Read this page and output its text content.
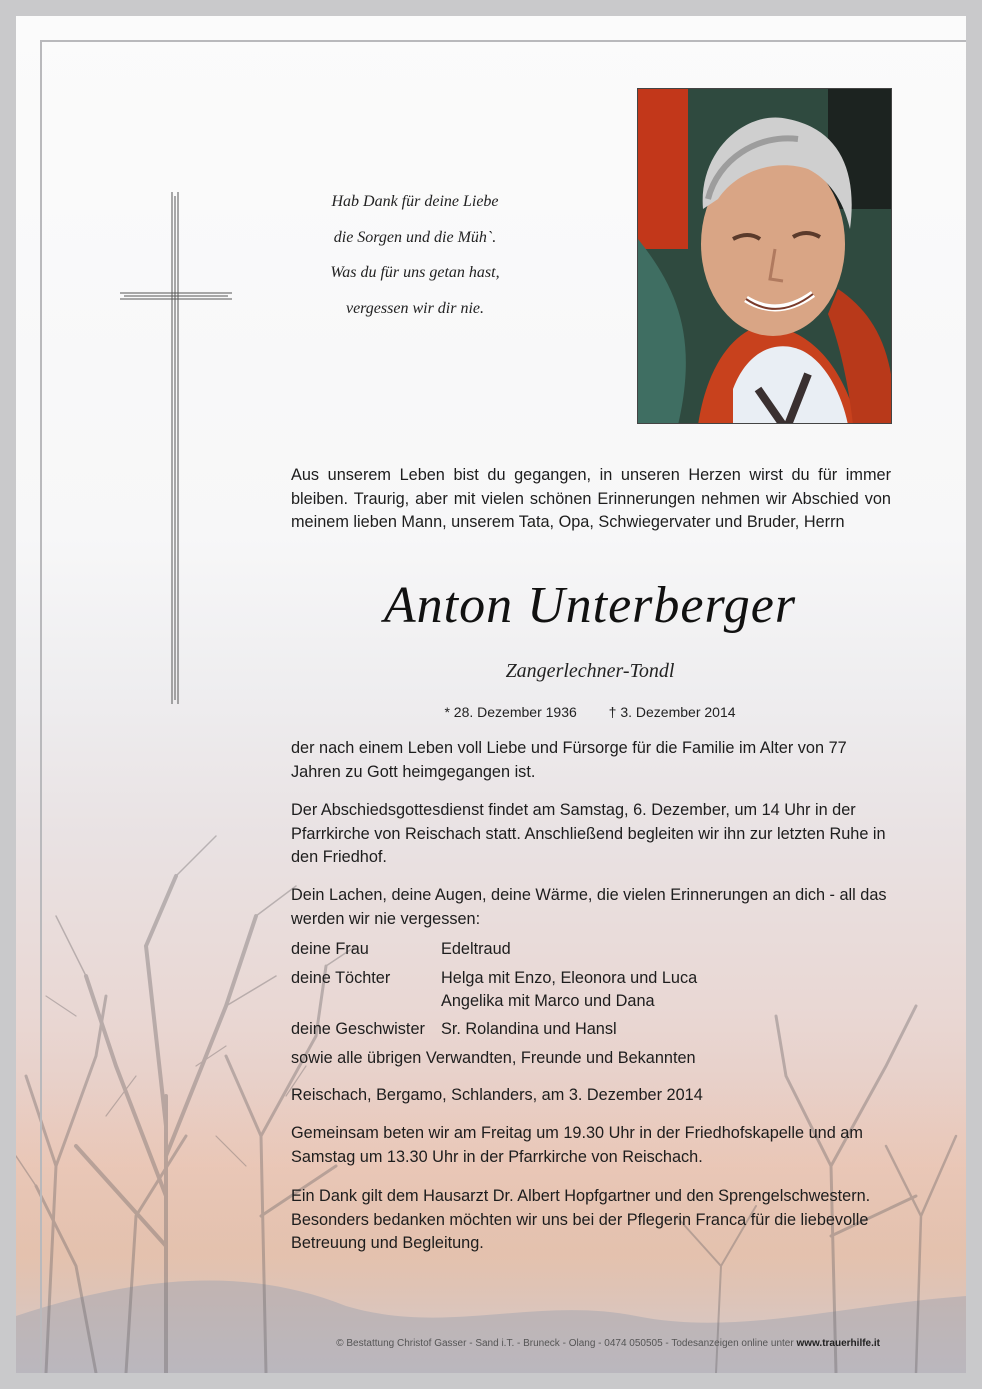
Hab Dank für deine Liebe
die Sorgen und die Müh`.
Was du für uns getan hast,
vergessen wir dir nie.

Aus unserem Leben bist du gegangen, in unseren Herzen wirst du für immer bleiben. Traurig, aber mit vielen schönen Erinnerungen nehmen wir Abschied von meinem lieben Mann, unserem Tata, Opa, Schwiegervater und Bruder, Herrn

Anton Unterberger
Zangerlechner-Tondl
* 28. Dezember 1936 † 3. Dezember 2014

der nach einem Leben voll Liebe und Fürsorge für die Familie im Alter von 77 Jahren zu Gott heimgegangen ist.

Der Abschiedsgottesdienst findet am Samstag, 6. Dezember, um 14 Uhr in der Pfarrkirche von Reischach statt. Anschließend begleiten wir ihn zur letzten Ruhe in den Friedhof.

Dein Lachen, deine Augen, deine Wärme, die vielen Erinnerungen an dich - all das werden wir nie vergessen:

deine Frau	Edeltraud
deine Töchter	Helga mit Enzo, Eleonora und Luca
Angelika mit Marco und Dana
deine Geschwister Sr. Rolandina und Hansl
sowie alle übrigen Verwandten, Freunde und Bekannten

Reischach, Bergamo, Schlanders, am 3. Dezember 2014

Gemeinsam beten wir am Freitag um 19.30 Uhr in der Friedhofskapelle und am Samstag um 13.30 Uhr in der Pfarrkirche von Reischach.

Ein Dank gilt dem Hausarzt Dr. Albert Hopfgartner und den Sprengelschwestern. Besonders bedanken möchten wir uns bei der Pflegerin Franca für die liebevolle Betreuung und Begleitung.

© Bestattung Christof Gasser - Sand i.T. - Bruneck - Olang - 0474 050505 - Todesanzeigen online unter www.trauerhilfe.it
